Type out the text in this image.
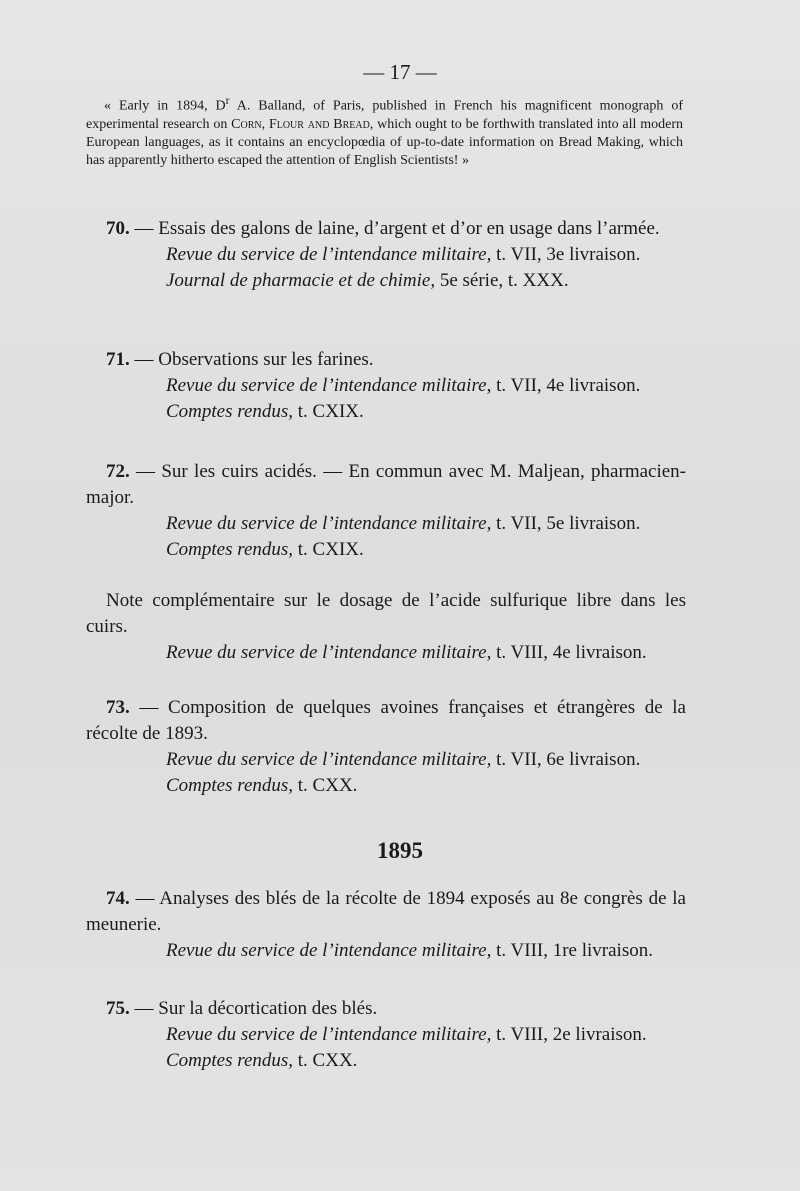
— 17 —

« Early in 1894, $D^r$ A. Balland, of Paris, published in French his magnificent monograph of experimental research on Corn, Flour and Bread, which ought to be forthwith translated into all modern European languages, as it contains an encyclopœdia of up-to-date information on Bread Making, which has apparently hitherto escaped the attention of English Scientists! »

70. — Essais des galons de laine, d’argent et d’or en usage dans l’armée.

Revue du service de l’intendance militaire, t. VII, 3e livraison.

Journal de pharmacie et de chimie, 5e série, t. XXX.

71. — Observations sur les farines.

Revue du service de l’intendance militaire, t. VII, 4e livraison.

Comptes rendus, t. CXIX.

72. — Sur les cuirs acidés. — En commun avec M. Maljean, pharmacien-major.

Revue du service de l’intendance militaire, t. VII, 5e livraison.

Comptes rendus, t. CXIX.

Note complémentaire sur le dosage de l’acide sulfurique libre dans les cuirs.

Revue du service de l’intendance militaire, t. VIII, 4e livraison.

73. — Composition de quelques avoines françaises et étrangères de la récolte de 1893.

Revue du service de l’intendance militaire, t. VII, 6e livraison.

Comptes rendus, t. CXX.

1895

74. — Analyses des blés de la récolte de 1894 exposés au 8e congrès de la meunerie.

Revue du service de l’intendance militaire, t. VIII, 1re livraison.

75. — Sur la décortication des blés.

Revue du service de l’intendance militaire, t. VIII, 2e livraison.

Comptes rendus, t. CXX.
